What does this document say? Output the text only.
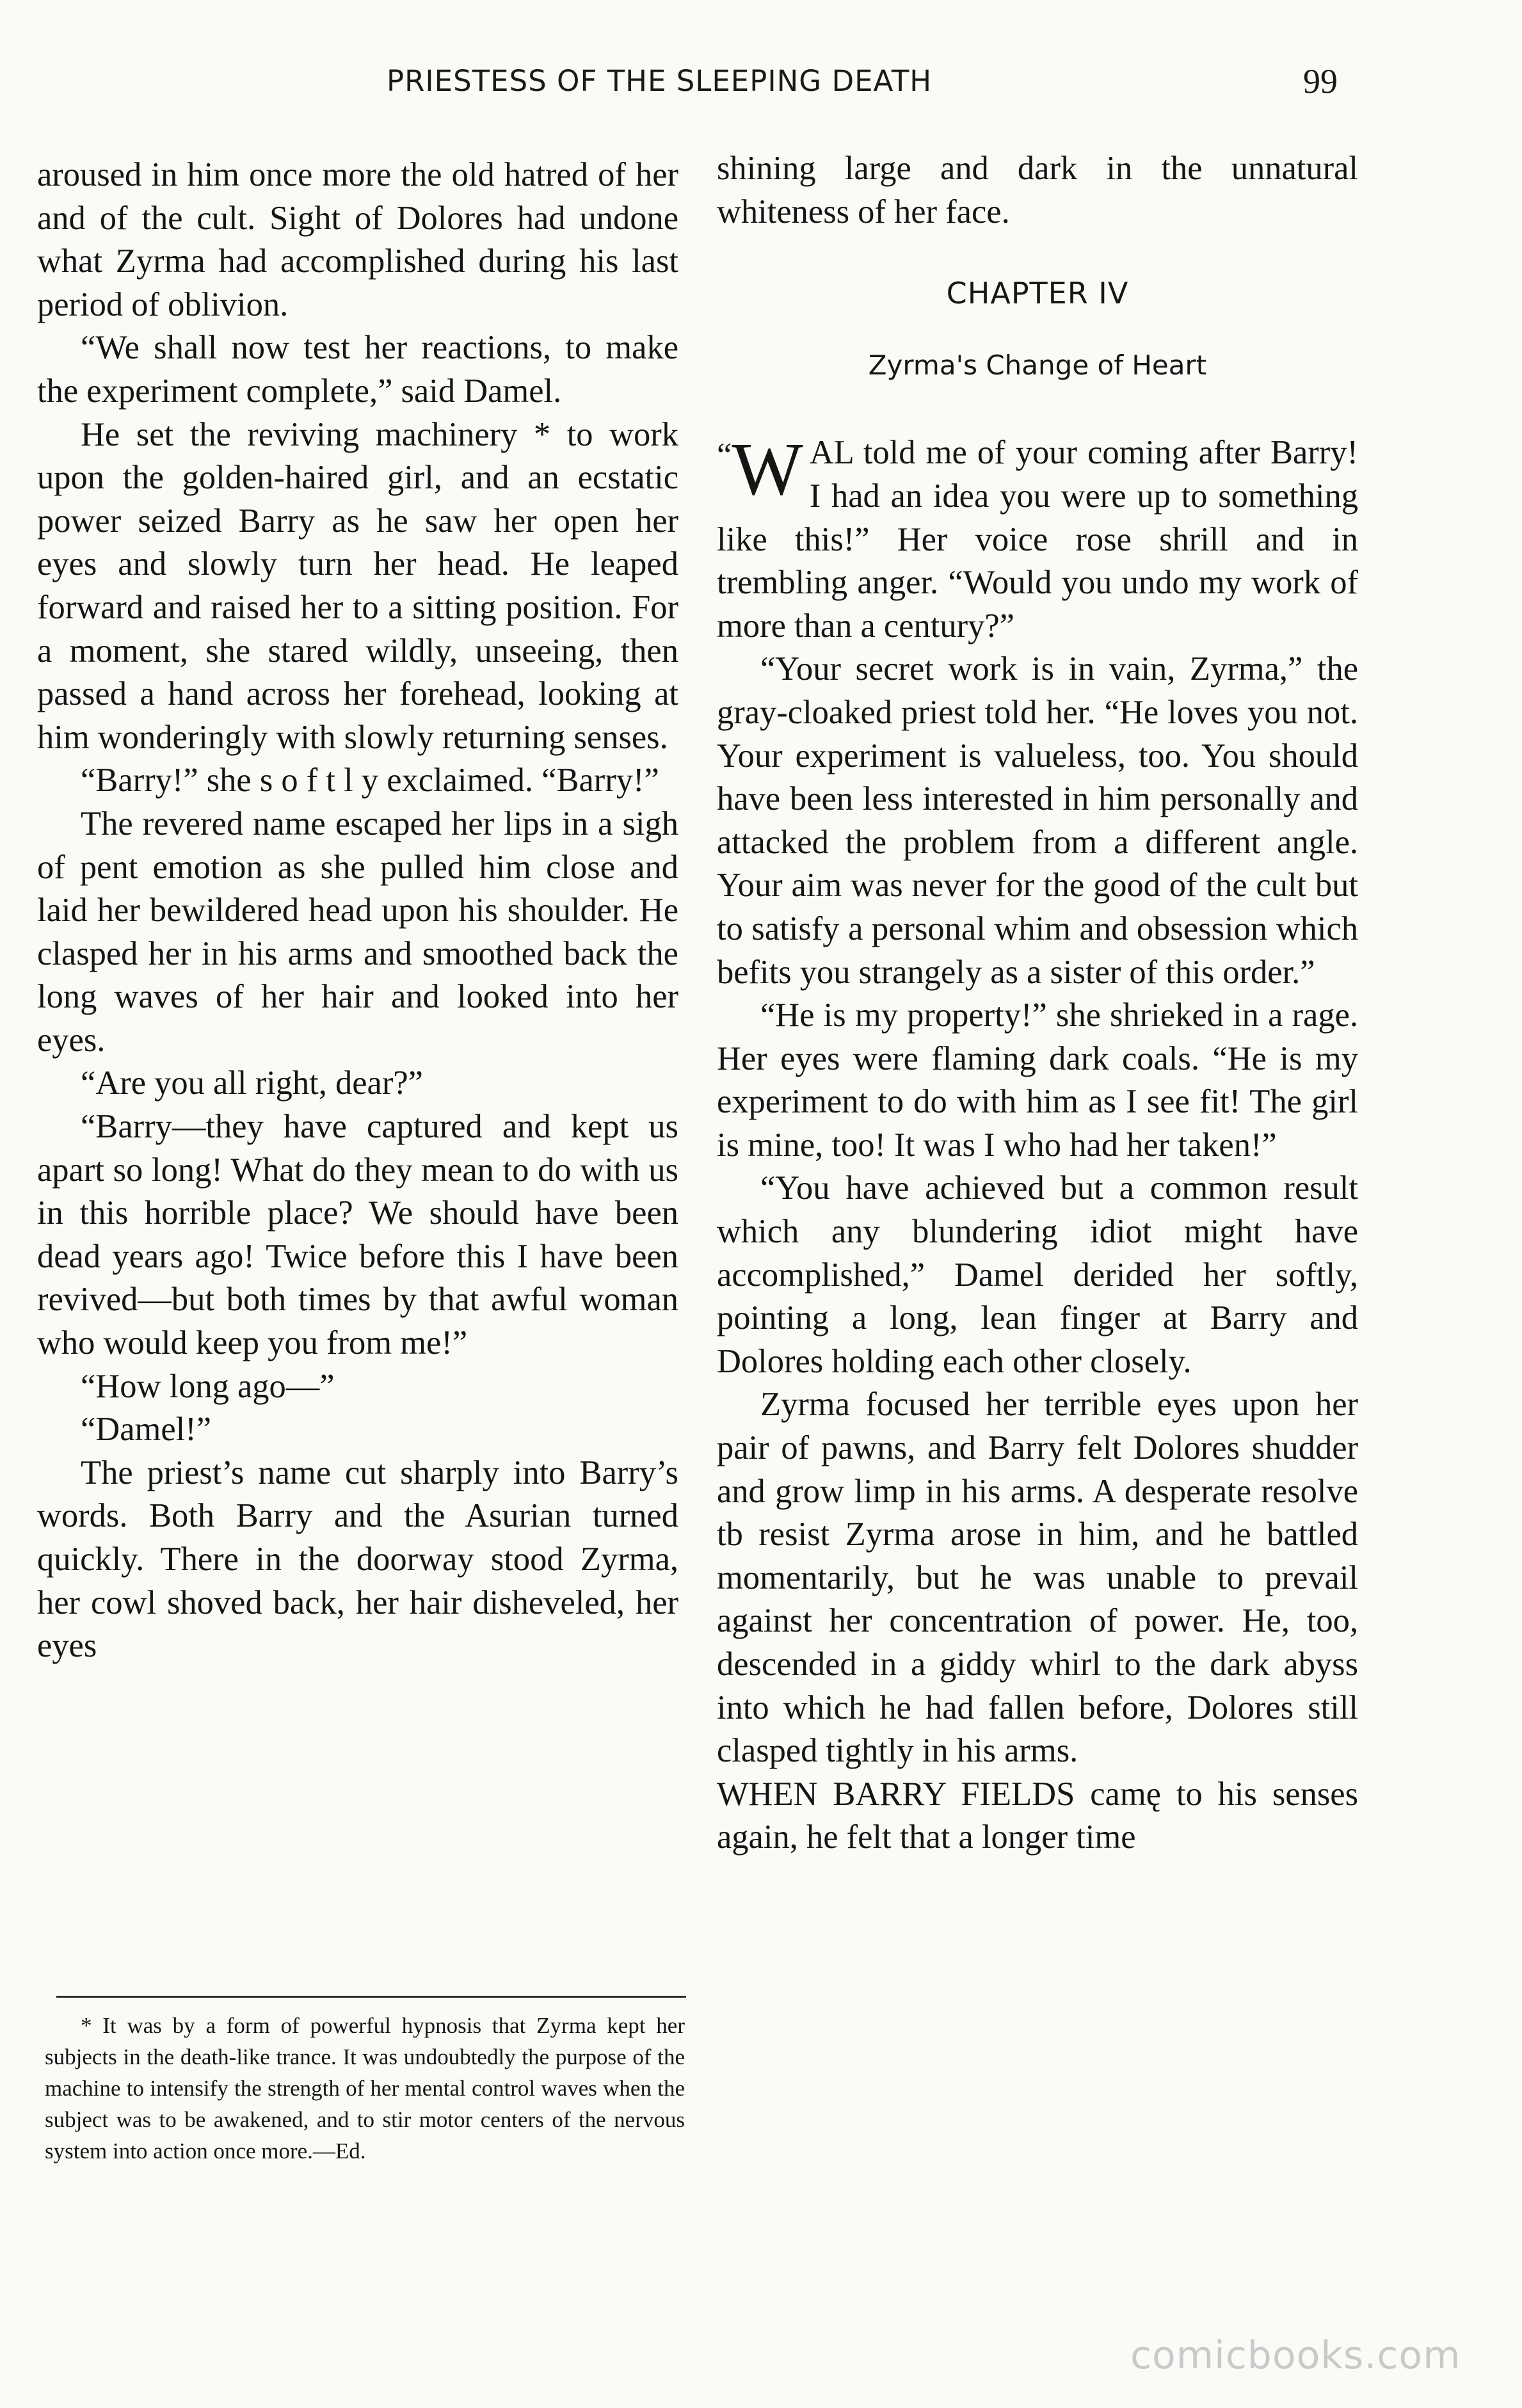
PRIESTESS OF THE SLEEPING DEATH	99

aroused in him once more the old hatred of her and of the cult. Sight of Dolores had undone what Zyrma had accomplished during his last period of oblivion.

“We shall now test her reactions, to make the experiment complete,” said Damel.

He set the reviving machinery * to work upon the golden-haired girl, and an ecstatic power seized Barry as he saw her open her eyes and slowly turn her head. He leaped forward and raised her to a sitting position. For a moment, she stared wildly, unseeing, then passed a hand across her forehead, looking at him wonderingly with slowly returning senses.

“Barry!” she s o f t l y exclaimed. “Barry!”

The revered name escaped her lips in a sigh of pent emotion as she pulled him close and laid her bewildered head upon his shoulder. He clasped her in his arms and smoothed back the long waves of her hair and looked into her eyes.

“Are you all right, dear?”

“Barry—they have captured and kept us apart so long! What do they mean to do with us in this horrible place? We should have been dead years ago! Twice before this I have been revived—but both times by that awful woman who would keep you from me!”

“How long ago—”

“Damel!”

The priest’s name cut sharply into Barry’s words. Both Barry and the Asurian turned quickly. There in the doorway stood Zyrma, her cowl shoved back, her hair disheveled, her eyes

* It was by a form of powerful hypnosis that Zyrma kept her subjects in the death-like trance. It was undoubtedly the purpose of the machine to intensify the strength of her mental control waves when the subject was to be awakened, and to stir motor centers of the nervous system into action once more.—Ed.

shining large and dark in the unnatural whiteness of her face.

CHAPTER IV
Zyrma's Change of Heart

“ W AL told me of your coming after Barry! I had an idea you were up to something like this!” Her voice rose shrill and in trembling anger. “Would you undo my work of more than a century?”

“Your secret work is in vain, Zyrma,” the gray-cloaked priest told her. “He loves you not. Your experiment is valueless, too. You should have been less interested in him personally and attacked the problem from a different angle. Your aim was never for the good of the cult but to satisfy a personal whim and obsession which befits you strangely as a sister of this order.”

“He is my property!” she shrieked in a rage. Her eyes were flaming dark coals. “He is my experiment to do with him as I see fit! The girl is mine, too! It was I who had her taken!”

“You have achieved but a common result which any blundering idiot might have accomplished,” Damel derided her softly, pointing a long, lean finger at Barry and Dolores holding each other closely.

Zyrma focused her terrible eyes upon her pair of pawns, and Barry felt Dolores shudder and grow limp in his arms. A desperate resolve tb resist Zyrma arose in him, and he battled momentarily, but he was unable to prevail against her concentration of power. He, too, descended in a giddy whirl to the dark abyss into which he had fallen before, Dolores still clasped tightly in his arms.

WHEN BARRY FIELDS camę to his senses again, he felt that a longer time

comicbooks.com
